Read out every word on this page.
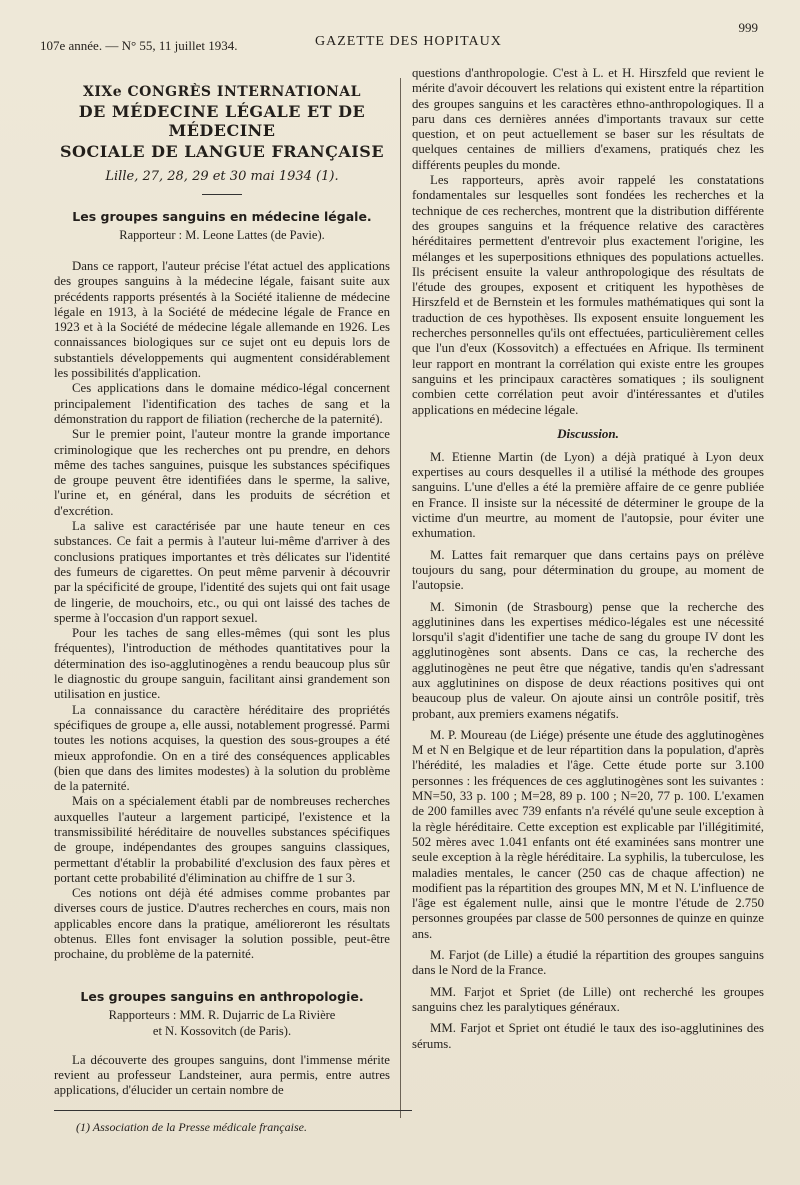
107e année. — N° 55, 11 juillet 1934.	GAZETTE DES HOPITAUX
999
XIXe CONGRÈS INTERNATIONAL
DE MÉDECINE LÉGALE ET DE MÉDECINE
SOCIALE DE LANGUE FRANÇAISE
Lille, 27, 28, 29 et 30 mai 1934 (1).
Les groupes sanguins en médecine légale.
Rapporteur : M. Leone Lattes (de Pavie).

Dans ce rapport, l'auteur précise l'état actuel des applications des groupes sanguins à la médecine légale, faisant suite aux précédents rapports présentés à la Société italienne de médecine légale en 1913, à la Société de médecine légale de France en 1923 et à la Société de médecine légale allemande en 1926. Les connaissances biologiques sur ce sujet ont eu depuis lors de substantiels développements qui augmentent considérablement les possibilités d'application.

Ces applications dans le domaine médico-légal concernent principalement l'identification des taches de sang et la démonstration du rapport de filiation (recherche de la paternité).

Sur le premier point, l'auteur montre la grande importance criminologique que les recherches ont pu prendre, en dehors même des taches sanguines, puisque les substances spécifiques de groupe peuvent être identifiées dans le sperme, la salive, l'urine et, en général, dans les produits de sécrétion et d'excrétion.

La salive est caractérisée par une haute teneur en ces substances. Ce fait a permis à l'auteur lui-même d'arriver à des conclusions pratiques importantes et très délicates sur l'identité des fumeurs de cigarettes. On peut même parvenir à découvrir par la spécificité de groupe, l'identité des sujets qui ont fait usage de lingerie, de mouchoirs, etc., ou qui ont laissé des taches de sperme à l'occasion d'un rapport sexuel.

Pour les taches de sang elles-mêmes (qui sont les plus fréquentes), l'introduction de méthodes quantitatives pour la détermination des iso-agglutinogènes a rendu beaucoup plus sûr le diagnostic du groupe sanguin, facilitant ainsi grandement son utilisation en justice.

La connaissance du caractère héréditaire des propriétés spécifiques de groupe a, elle aussi, notablement progressé. Parmi toutes les notions acquises, la question des sous-groupes a été mieux approfondie. On en a tiré des conséquences applicables (bien que dans des limites modestes) à la solution du problème de la paternité.

Mais on a spécialement établi par de nombreuses recherches auxquelles l'auteur a largement participé, l'existence et la transmissibilité héréditaire de nouvelles substances spécifiques de groupe, indépendantes des groupes sanguins classiques, permettant d'établir la probabilité d'exclusion des faux pères et portant cette probabilité d'élimination au chiffre de 1 sur 3.

Ces notions ont déjà été admises comme probantes par diverses cours de justice. D'autres recherches en cours, mais non applicables encore dans la pratique, amélioreront les résultats obtenus. Elles font envisager la solution possible, peut-être prochaine, du problème de la paternité.

Les groupes sanguins en anthropologie.
Rapporteurs : MM. R. Dujarric de La Rivière
et N. Kossovitch (de Paris).

La découverte des groupes sanguins, dont l'immense mérite revient au professeur Landsteiner, aura permis, entre autres applications, d'élucider un certain nombre de

questions d'anthropologie. C'est à L. et H. Hirszfeld que revient le mérite d'avoir découvert les relations qui existent entre la répartition des groupes sanguins et les caractères ethno-anthropologiques. Il a paru dans ces dernières années d'importants travaux sur cette question, et on peut actuellement se baser sur les résultats de quelques centaines de milliers d'examens, pratiqués chez les différents peuples du monde.

Les rapporteurs, après avoir rappelé les constatations fondamentales sur lesquelles sont fondées les recherches et la technique de ces recherches, montrent que la distribution différente des groupes sanguins et la fréquence relative des caractères héréditaires permettent d'entrevoir plus exactement l'origine, les mélanges et les superpositions ethniques des populations actuelles. Ils précisent ensuite la valeur anthropologique des résultats de l'étude des groupes, exposent et critiquent les hypothèses de Hirszfeld et de Bernstein et les formules mathématiques qui sont la traduction de ces hypothèses. Ils exposent ensuite longuement les recherches personnelles qu'ils ont effectuées, particulièrement celles que l'un d'eux (Kossovitch) a effectuées en Afrique. Ils terminent leur rapport en montrant la corrélation qui existe entre les groupes sanguins et les principaux caractères somatiques ; ils soulignent combien cette corrélation peut avoir d'intéressantes et d'utiles applications en médecine légale.

Discussion.

M. Etienne Martin (de Lyon) a déjà pratiqué à Lyon deux expertises au cours desquelles il a utilisé la méthode des groupes sanguins. L'une d'elles a été la première affaire de ce genre publiée en France. Il insiste sur la nécessité de déterminer le groupe de la victime d'un meurtre, au moment de l'autopsie, pour éviter une exhumation.

M. Lattes fait remarquer que dans certains pays on prélève toujours du sang, pour détermination du groupe, au moment de l'autopsie.

M. Simonin (de Strasbourg) pense que la recherche des agglutinines dans les expertises médico-légales est une nécessité lorsqu'il s'agit d'identifier une tache de sang du groupe IV dont les agglutinogènes sont absents. Dans ce cas, la recherche des agglutinogènes ne peut être que négative, tandis qu'en s'adressant aux agglutinines on dispose de deux réactions positives qui ont beaucoup plus de valeur. On ajoute ainsi un contrôle positif, très probant, aux premiers examens négatifs.

M. P. Moureau (de Liége) présente une étude des agglutinogènes M et N en Belgique et de leur répartition dans la population, d'après l'hérédité, les maladies et l'âge. Cette étude porte sur 3.100 personnes : les fréquences de ces agglutinogènes sont les suivantes : MN=50, 33 p. 100 ; M=28, 89 p. 100 ; N=20, 77 p. 100. L'examen de 200 familles avec 739 enfants n'a révélé qu'une seule exception à la règle héréditaire. Cette exception est explicable par l'illégitimité, 502 mères avec 1.041 enfants ont été examinées sans montrer une seule exception à la règle héréditaire. La syphilis, la tuberculose, les maladies mentales, le cancer (250 cas de chaque affection) ne modifient pas la répartition des groupes MN, M et N. L'influence de l'âge est également nulle, ainsi que le montre l'étude de 2.750 personnes groupées par classe de 500 personnes de quinze en quinze ans.

M. Farjot (de Lille) a étudié la répartition des groupes sanguins dans le Nord de la France.

MM. Farjot et Spriet (de Lille) ont recherché les groupes sanguins chez les paralytiques généraux.

MM. Farjot et Spriet ont étudié le taux des iso-agglutinines des sérums.

(1) Association de la Presse médicale française.
